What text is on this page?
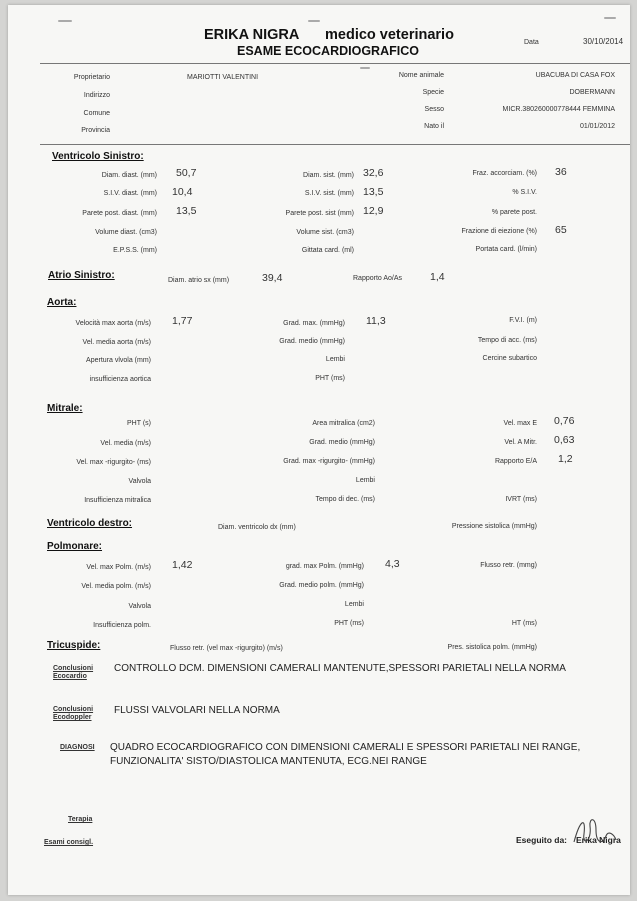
ERIKA NIGRA medico veterinario
ESAME ECOCARDIOGRAFICO
Data	30/10/2014
Proprietario	MARIOTTI VALENTINI
Indirizzo
Comune
Provincia
Nome animale	UBACUBA DI CASA FOX
Specie	DOBERMANN
Sesso	MICR.380260000778444 FEMMINA
Nato il	01/01/2012
Ventricolo Sinistro:
Diam. diast. (mm) 50,7	Diam. sist. (mm) 32,6	Fraz. accorciam. (%) 36
S.I.V. diast. (mm) 10,4	S.I.V. sist. (mm) 13,5	% S.I.V.
Parete post. diast. (mm) 13,5	Parete post. sist (mm) 12,9	% parete post.
Volume diast. (cm3)	Volume sist. (cm3)	Frazione di eiezione (%) 65
E.P.S.S. (mm)	Gittata card. (ml)	Portata card. (l/min)
Atrio Sinistro:	Diam. atrio sx (mm)	39,4	Rapporto Ao/As	1,4
Aorta:
Velocità max aorta (m/s) 1,77	Grad. max. (mmHg) 11,3	F.V.I. (m)
Vel. media aorta (m/s)	Grad. medio (mmHg)	Tempo di acc. (ms)
Apertura vlvola (mm)	Lembi	Cercine subartico
insufficienza aortica	PHT (ms)
Mitrale:
PHT (s)	Area mitralica (cm2)	Vel. max E 0,76
Vel. media (m/s)	Grad. medio (mmHg)	Vel. A Mitr. 0,63
Vel. max -rigurgito- (ms)	Grad. max -rigurgito- (mmHg)	Rapporto E/A 1,2
Valvola	Lembi
Insufficienza mitralica	Tempo di dec. (ms)	IVRT (ms)
Ventricolo destro:	Diam. ventricolo dx (mm)	Pressione sistolica (mmHg)
Polmonare:
Vel. max Polm. (m/s) 1,42	grad. max Polm. (mmHg) 4,3	Flusso retr. (mmg)
Vel. media polm. (m/s)	Grad. medio polm. (mmHg)
Valvola	Lembi
Insufficienza polm.	PHT (ms)	HT (ms)
Tricuspide:	Flusso retr. (vel max -rigurgito) (m/s)	Pres. sistolica polm. (mmHg)
Conclusioni
Ecocardio
CONTROLLO DCM. DIMENSIONI CAMERALI MANTENUTE,SPESSORI PARIETALI NELLA NORMA
Conclusioni
Ecodoppler
FLUSSI VALVOLARI NELLA NORMA
DIAGNOSI QUADRO ECOCARDIOGRAFICO CON DIMENSIONI CAMERALI E SPESSORI PARIETALI NEI RANGE,
FUNZIONALITA' SISTO/DIASTOLICA MANTENUTA, ECG.NEI RANGE
Terapia
Esami consigl.	Eseguito da: Erika Nigra
